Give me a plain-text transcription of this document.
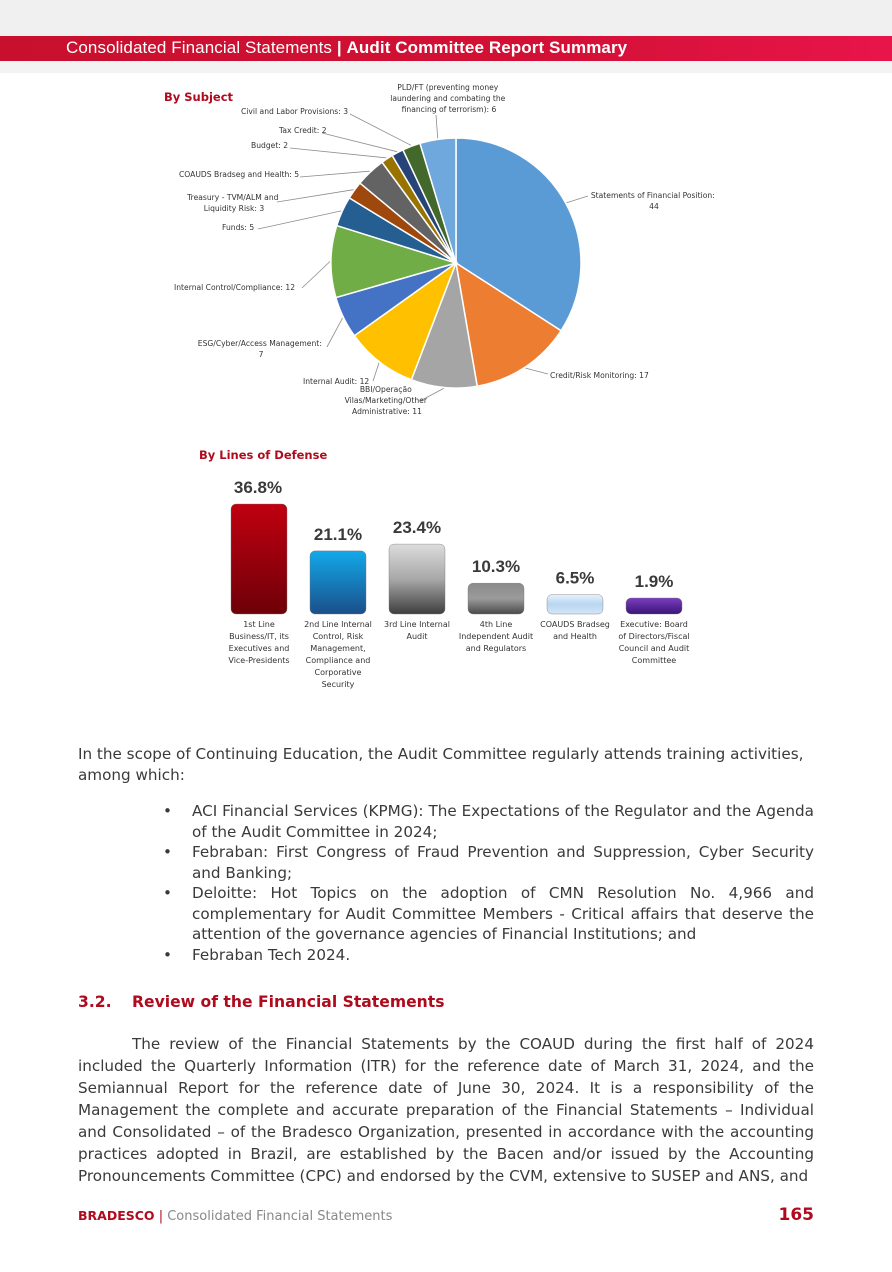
Consolidated Financial Statements | Audit Committee Report Summary
By Subject
Statements of Financial Position: 44
Credit/Risk Monitoring: 17
BBI/Operação Vilas/Marketing/Other Administrative: 11
Internal Audit: 12
ESG/Cyber/Access Management: 7
Internal Control/Compliance: 12
Funds: 5
Treasury - TVM/ALM and Liquidity Risk: 3
COAUDS Bradseg and Health: 5
Budget: 2
Tax Credit: 2
Civil and Labor Provisions: 3
PLD/FT (preventing money laundering and combating the financing of terrorism): 6
By Lines of Defense
36.8%
21.1% 23.4%
10.3%
6.5% 1.9%
1st Line Business/IT, its Executives and Vice-Presidents
2nd Line Internal Control, Risk Management, Compliance and Corporative Security
3rd Line Internal Audit
4th Line Independent Audit and Regulators
COAUDS Bradseg and Health
Executive: Board of Directors/Fiscal Council and Audit Committee
In the scope of Continuing Education, the Audit Committee regularly attends training activities, among which:
• ACI Financial Services (KPMG): The Expectations of the Regulator and the Agenda of the Audit Committee in 2024;
• Febraban: First Congress of Fraud Prevention and Suppression, Cyber Security and Banking;
• Deloitte: Hot Topics on the adoption of CMN Resolution No. 4,966 and complementary for Audit Committee Members - Critical affairs that deserve the attention of the governance agencies of Financial Institutions; and
• Febraban Tech 2024.
3.2. Review of the Financial Statements
The review of the Financial Statements by the COAUD during the first half of 2024 included the Quarterly Information (ITR) for the reference date of March 31, 2024, and the Semiannual Report for the reference date of June 30, 2024. It is a responsibility of the Management the complete and accurate preparation of the Financial Statements – Individual and Consolidated – of the Bradesco Organization, presented in accordance with the accounting practices adopted in Brazil, are established by the Bacen and/or issued by the Accounting Pronouncements Committee (CPC) and endorsed by the CVM, extensive to SUSEP and ANS, and
BRADESCO | Consolidated Financial Statements	165
